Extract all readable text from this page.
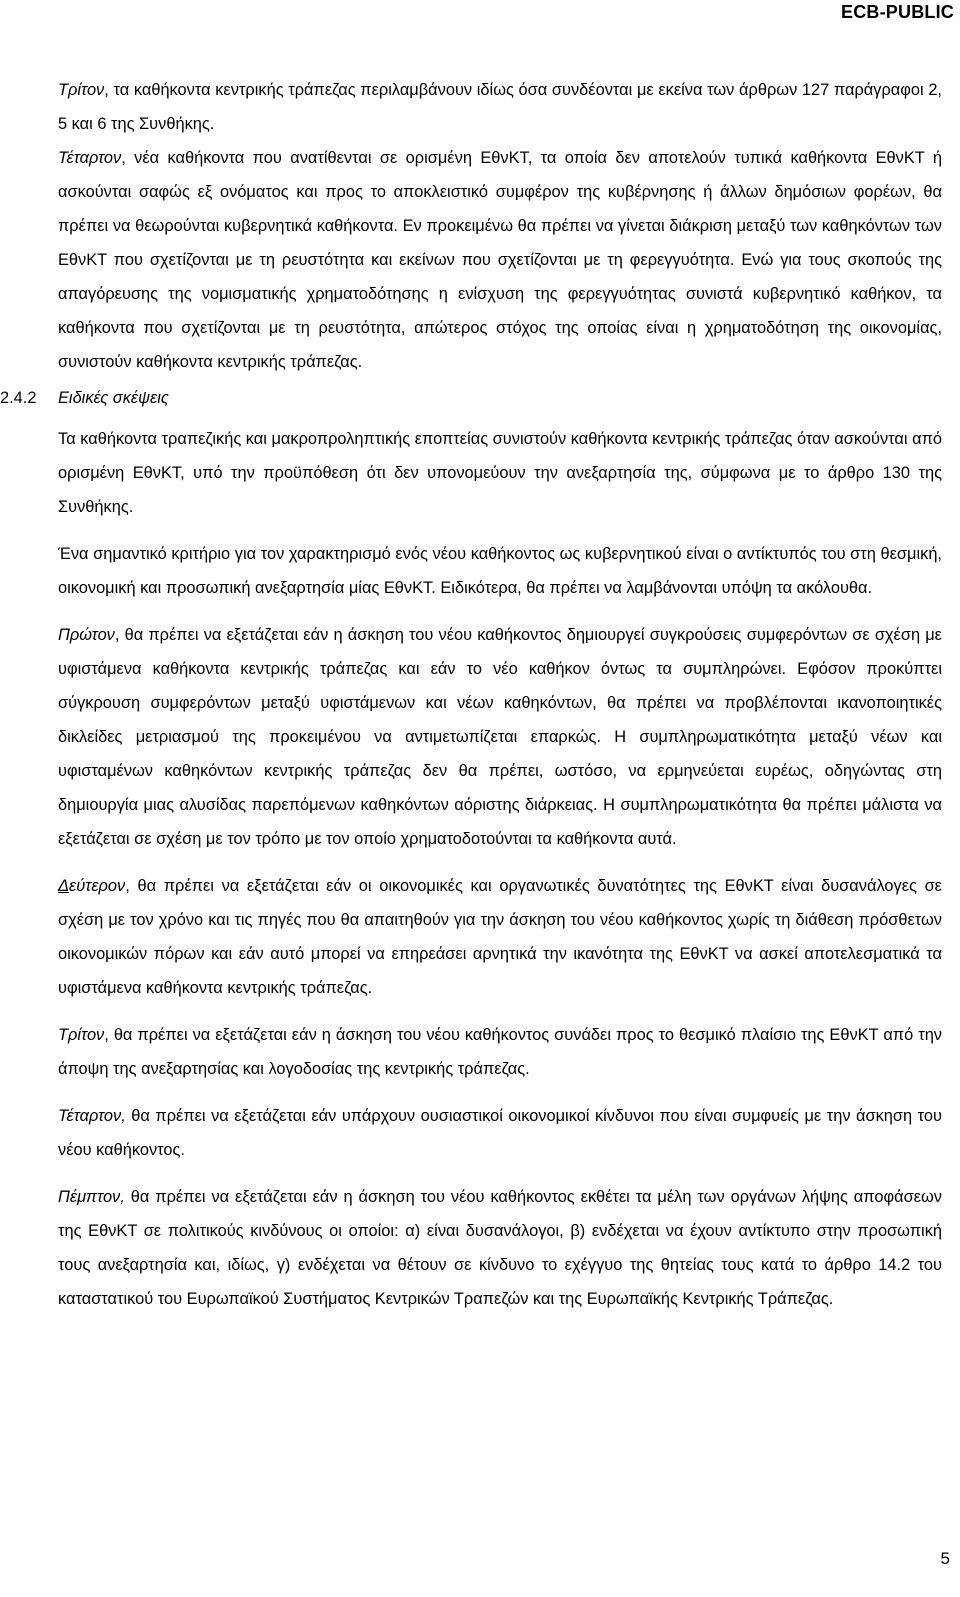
ECB-PUBLIC

Τρίτον, τα καθήκοντα κεντρικής τράπεζας περιλαμβάνουν ιδίως όσα συνδέονται με εκείνα των άρθρων 127 παράγραφοι 2, 5 και 6 της Συνθήκης.

Τέταρτον, νέα καθήκοντα που ανατίθενται σε ορισμένη ΕθνΚΤ, τα οποία δεν αποτελούν τυπικά καθήκοντα ΕθνΚΤ ή ασκούνται σαφώς εξ ονόματος και προς το αποκλειστικό συμφέρον της κυβέρνησης ή άλλων δημόσιων φορέων, θα πρέπει να θεωρούνται κυβερνητικά καθήκοντα. Εν προκειμένω θα πρέπει να γίνεται διάκριση μεταξύ των καθηκόντων των ΕθνΚΤ που σχετίζονται με τη ρευστότητα και εκείνων που σχετίζονται με τη φερεγγυότητα. Ενώ για τους σκοπούς της απαγόρευσης της νομισματικής χρηματοδότησης η ενίσχυση της φερεγγυότητας συνιστά κυβερνητικό καθήκον, τα καθήκοντα που σχετίζονται με τη ρευστότητα, απώτερος στόχος της οποίας είναι η χρηματοδότηση της οικονομίας, συνιστούν καθήκοντα κεντρικής τράπεζας.

2.4.2 Ειδικές σκέψεις

Τα καθήκοντα τραπεζικής και μακροπροληπτικής εποπτείας συνιστούν καθήκοντα κεντρικής τράπεζας όταν ασκούνται από ορισμένη ΕθνΚΤ, υπό την προϋπόθεση ότι δεν υπονομεύουν την ανεξαρτησία της, σύμφωνα με το άρθρο 130 της Συνθήκης.

Ένα σημαντικό κριτήριο για τον χαρακτηρισμό ενός νέου καθήκοντος ως κυβερνητικού είναι ο αντίκτυπός του στη θεσμική, οικονομική και προσωπική ανεξαρτησία μίας ΕθνΚΤ. Ειδικότερα, θα πρέπει να λαμβάνονται υπόψη τα ακόλουθα.

Πρώτον, θα πρέπει να εξετάζεται εάν η άσκηση του νέου καθήκοντος δημιουργεί συγκρούσεις συμφερόντων σε σχέση με υφιστάμενα καθήκοντα κεντρικής τράπεζας και εάν το νέο καθήκον όντως τα συμπληρώνει. Εφόσον προκύπτει σύγκρουση συμφερόντων μεταξύ υφιστάμενων και νέων καθηκόντων, θα πρέπει να προβλέπονται ικανοποιητικές δικλείδες μετριασμού της προκειμένου να αντιμετωπίζεται επαρκώς. Η συμπληρωματικότητα μεταξύ νέων και υφισταμένων καθηκόντων κεντρικής τράπεζας δεν θα πρέπει, ωστόσο, να ερμηνεύεται ευρέως, οδηγώντας στη δημιουργία μιας αλυσίδας παρεπόμενων καθηκόντων αόριστης διάρκειας. Η συμπληρωματικότητα θα πρέπει μάλιστα να εξετάζεται σε σχέση με τον τρόπο με τον οποίο χρηματοδοτούνται τα καθήκοντα αυτά.

Δεύτερον, θα πρέπει να εξετάζεται εάν οι οικονομικές και οργανωτικές δυνατότητες της ΕθνΚΤ είναι δυσανάλογες σε σχέση με τον χρόνο και τις πηγές που θα απαιτηθούν για την άσκηση του νέου καθήκοντος χωρίς τη διάθεση πρόσθετων οικονομικών πόρων και εάν αυτό μπορεί να επηρεάσει αρνητικά την ικανότητα της ΕθνΚΤ να ασκεί αποτελεσματικά τα υφιστάμενα καθήκοντα κεντρικής τράπεζας.

Τρίτον, θα πρέπει να εξετάζεται εάν η άσκηση του νέου καθήκοντος συνάδει προς το θεσμικό πλαίσιο της ΕθνΚΤ από την άποψη της ανεξαρτησίας και λογοδοσίας της κεντρικής τράπεζας.

Τέταρτον, θα πρέπει να εξετάζεται εάν υπάρχουν ουσιαστικοί οικονομικοί κίνδυνοι που είναι συμφυείς με την άσκηση του νέου καθήκοντος.

Πέμπτον, θα πρέπει να εξετάζεται εάν η άσκηση του νέου καθήκοντος εκθέτει τα μέλη των οργάνων λήψης αποφάσεων της ΕθνΚΤ σε πολιτικούς κινδύνους οι οποίοι: α) είναι δυσανάλογοι, β) ενδέχεται να έχουν αντίκτυπο στην προσωπική τους ανεξαρτησία και, ιδίως, γ) ενδέχεται να θέτουν σε κίνδυνο το εχέγγυο της θητείας τους κατά το άρθρο 14.2 του καταστατικού του Ευρωπαϊκού Συστήματος Κεντρικών Τραπεζών και της Ευρωπαϊκής Κεντρικής Τράπεζας.

5
